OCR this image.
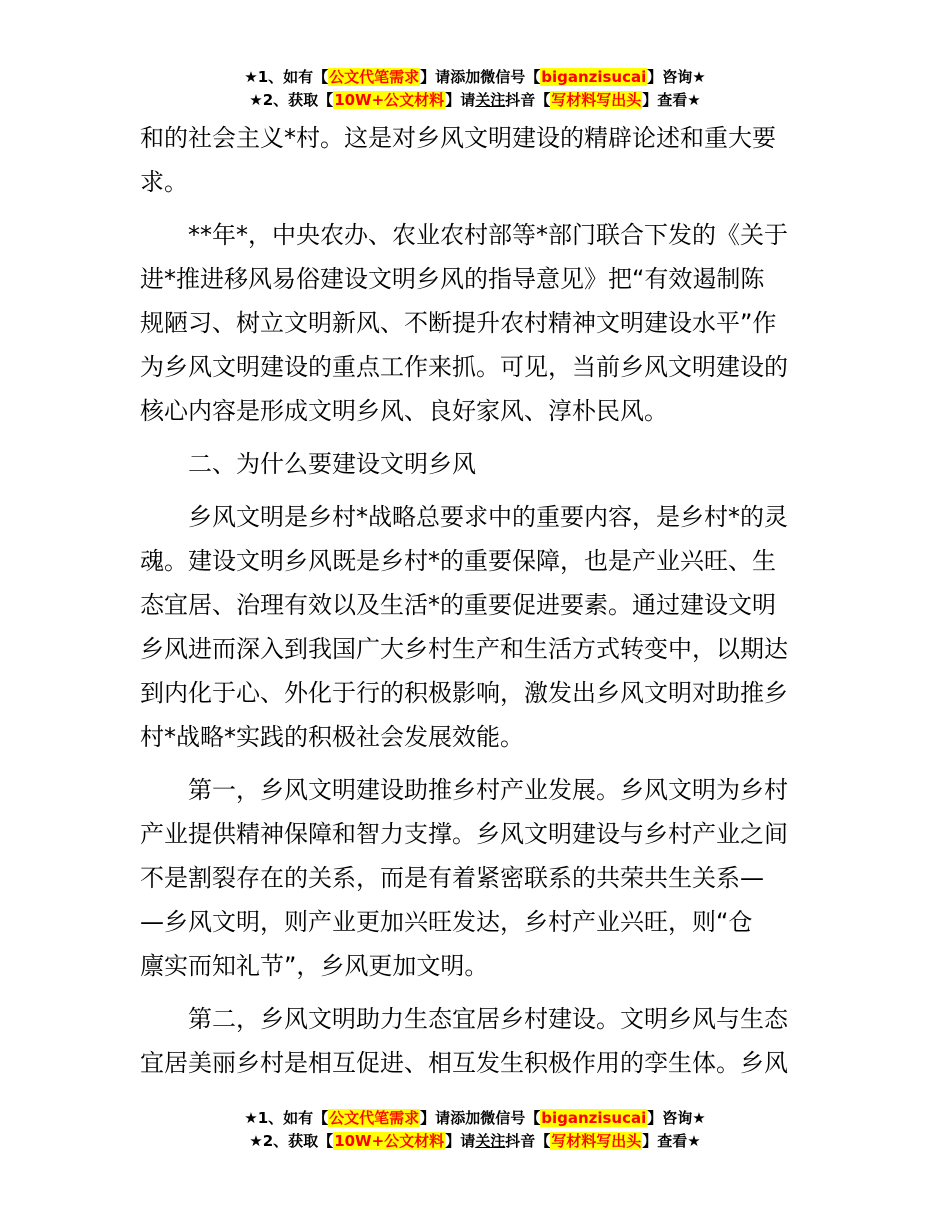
★1、如有【公文代笔需求】请添加微信号【biganzisucai】咨询★
★2、获取【10W+公文材料】请关注抖音【写材料写出头】查看★
和的社会主义*村。这是对乡风文明建设的精辟论述和重大要
求。
**年*，中央农办、农业农村部等*部门联合下发的《关于
进*推进移风易俗建设文明乡风的指导意见》把“有效遏制陈
规陋习、树立文明新风、不断提升农村精神文明建设水平”作
为乡风文明建设的重点工作来抓。可见，当前乡风文明建设的
核心内容是形成文明乡风、良好家风、淳朴民风。
二、为什么要建设文明乡风
乡风文明是乡村*战略总要求中的重要内容，是乡村*的灵
魂。建设文明乡风既是乡村*的重要保障，也是产业兴旺、生
态宜居、治理有效以及生活*的重要促进要素。通过建设文明
乡风进而深入到我国广大乡村生产和生活方式转变中，以期达
到内化于心、外化于行的积极影响，激发出乡风文明对助推乡
村*战略*实践的积极社会发展效能。
第一，乡风文明建设助推乡村产业发展。乡风文明为乡村
产业提供精神保障和智力支撑。乡风文明建设与乡村产业之间
不是割裂存在的关系，而是有着紧密联系的共荣共生关系—
—乡风文明，则产业更加兴旺发达，乡村产业兴旺，则“仓
廪实而知礼节”，乡风更加文明。
第二，乡风文明助力生态宜居乡村建设。文明乡风与生态
宜居美丽乡村是相互促进、相互发生积极作用的孪生体。乡风
★1、如有【公文代笔需求】请添加微信号【biganzisucai】咨询★
★2、获取【10W+公文材料】请关注抖音【写材料写出头】查看★
